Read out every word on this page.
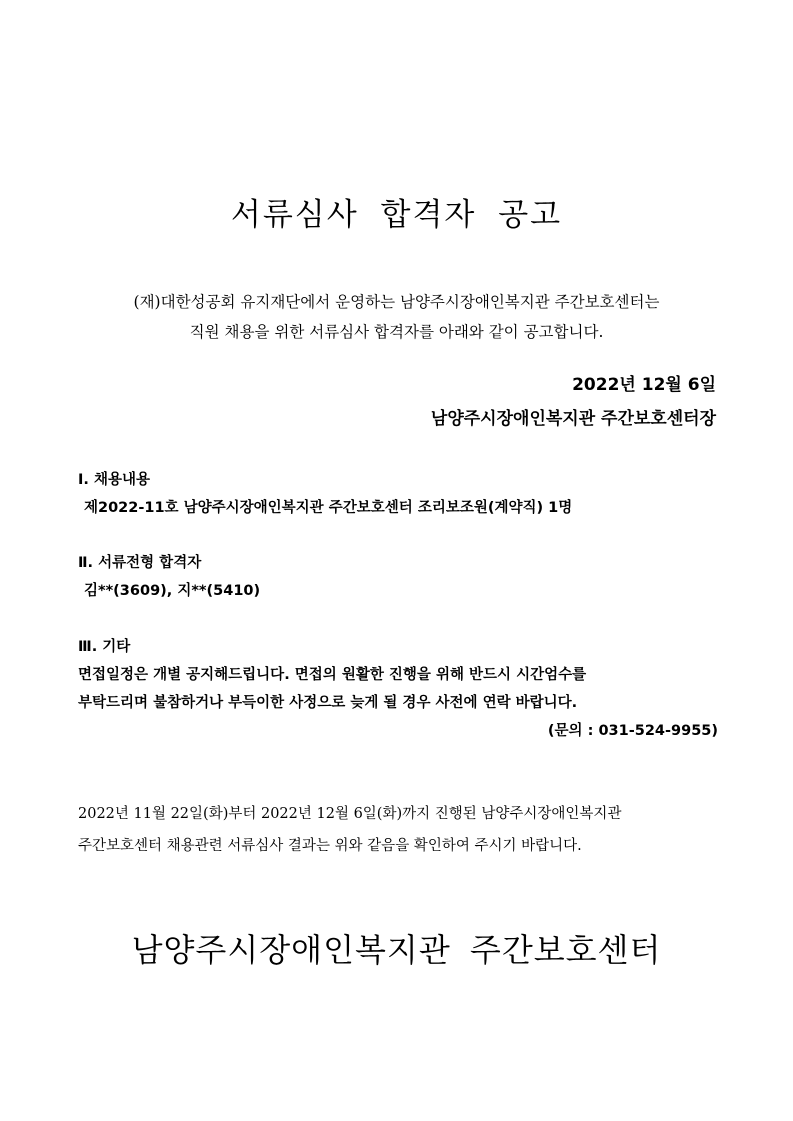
서류심사 합격자 공고
(재)대한성공회 유지재단에서 운영하는 남양주시장애인복지관 주간보호센터는
직원 채용을 위한 서류심사 합격자를 아래와 같이 공고합니다.
2022년 12월 6일
남양주시장애인복지관 주간보호센터장
Ⅰ. 채용내용
제2022-11호 남양주시장애인복지관 주간보호센터 조리보조원(계약직) 1명
Ⅱ. 서류전형 합격자
김**(3609), 지**(5410)
Ⅲ. 기타
면접일정은 개별 공지해드립니다. 면접의 원활한 진행을 위해 반드시 시간엄수를
부탁드리며 불참하거나 부득이한 사정으로 늦게 될 경우 사전에 연락 바랍니다.
(문의 : 031-524-9955)
2022년 11월 22일(화)부터 2022년 12월 6일(화)까지 진행된 남양주시장애인복지관
주간보호센터 채용관련 서류심사 결과는 위와 같음을 확인하여 주시기 바랍니다.
남양주시장애인복지관 주간보호센터
